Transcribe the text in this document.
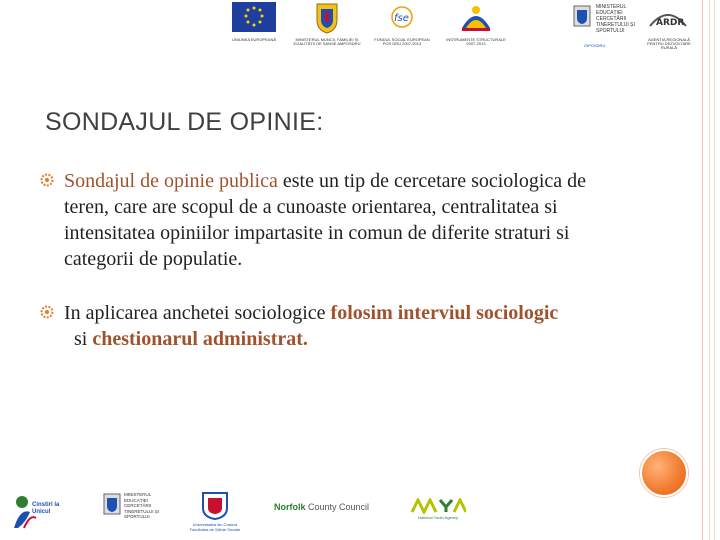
UNIUNEA EUROPEANĂ	MINISTERUL MUNCII, FAMILIEI ȘI EGALITĂȚII DE ȘANSE AMPOSDRU
fse
FONDUL SOCIAL EUROPEAN POS DRU 2007-2013
INSTRUMENTE STRUCTURALE 2007-2013
MINISTERUL EDUCAȚIEI CERCETĂRII TINERETULUI ȘI SPORTULUI
OIPOSDRU
ARDR
AGENȚIA REGIONALĂ PENTRU DEZVOLTARE RURALĂ
SONDAJUL DE OPINIE:
Sondajul de opinie publica este un tip de cercetare sociologica de teren, care are scopul de a cunoaste orientarea, centralitatea si intensitatea opiniilor impartasite in comun de diferite straturi si categorii de populatie.
In aplicarea anchetei sociologice folosim interviul sociologic  si chestionarul administrat.
Cinstirl la Unicul
MINISTERUL EDUCAȚIEI CERCETĂRII TINERETULUI ȘI SPORTULUI
Universitatea din Craiova Facultatea de Științe Sociale
Norfolk County Council
National Youth Agency
